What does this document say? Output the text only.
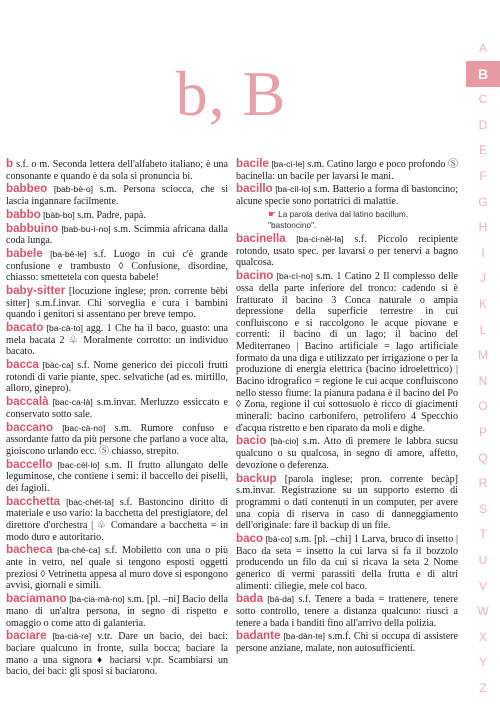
b, B
b s.f. o m. Seconda lettera dell'alfabeto italiano; è una consonante e quando è da sola si pronuncia bi.
babbeo [bab-bè-o] s.m. Persona sciocca, che si lascia ingannare facilmente.
babbo [bàb-bo] s.m. Padre, papà.
babbuino [bab-bu-ì-no] s.m. Scimmia africana dalla coda lunga.
babele [ba-bè-le] s.f. Luogo in cui c'è grande confusione e trambusto ◊ Confusione, disordine, chiasso: smettetela con questa babele!
baby-sitter [locuzione inglese; pron. corrente bèbi sitter] s.m.f.invar. Chi sorveglia e cura i bambini quando i genitori si assentano per breve tempo.
bacato [ba-cà-to] agg. 1 Che ha il baco, guasto: una mela bacata 2 ♧ Moralmente corrotto: un individuo bacato.
bacca [bàc-ca] s.f. Nome generico dei piccoli frutti rotondi di varie piante, spec. selvatiche (ad es. mirtillo, alloro, ginepro).
baccalà [bac-ca-là] s.m.invar. Merluzzo essiccato e conservato sotto sale.
baccano [bac-cà-no] s.m. Rumore confuso e assordante fatto da più persone che parlano a voce alta, gioiscono urlando ecc. Ⓢ chiasso, strepito.
baccello [bac-cèl-lo] s.m. Il frutto allungato delle leguminose, che contiene i semi: il baccello dei piselli, dei fagioli.
bacchetta [bac-chét-ta] s.f. Bastoncino diritto di materiale e uso vario: la bacchetta del prestigiatore, del direttore d'orchestra | ♧ Comandare a bacchetta = in modo duro e autoritario.
bacheca [ba-chè-ca] s.f. Mobiletto con una o più ante in vetro, nel quale si tengono esposti oggetti preziosi ◊ Vetrinetta appesa al muro dove si espongono avvisi, giornali e simili.
baciamano [ba-cia-mà-no] s.m. [pl. –ni] Bacio della mano di un'altra persona, in segno di rispetto e omaggio o come atto di galanteria.
baciare [ba-cià-re] v.tr. Dare un bacio, dei baci: baciare qualcuno in fronte, sulla bocca; baciare la mano a una signora ♦ baciarsi v.pr. Scambiarsi un bacio, dei baci: gli sposi si baciarono.
bacile [ba-cì-le] s.m. Catino largo e poco profondo Ⓢ bacinella: un bacile per lavarsi le mani.
bacillo [ba-cìl-lo] s.m. Batterio a forma di bastoncino; alcune specie sono portatrici di malattie.
☛ La parola deriva dal latino bacillum, "bastoncino".
bacinella [ba-ci-nèl-la] s.f. Piccolo recipiente rotondo, usato spec. per lavarsi o per tenervi a bagno qualcosa.
bacino [ba-cì-no] s.m. 1 Catino 2 Il complesso delle ossa della parte inferiore del tronco: cadendo si è fratturato il bacino 3 Conca naturale o ampia depressione della superficie terrestre in cui confluiscono e si raccolgono le acque piovane e correnti: il bacino di un lago; il bacino del Mediterraneo | Bacino artificiale = lago artificiale formato da una diga e utilizzato per irrigazione o per la produzione di energia elettrica (bacino idroelettrico) | Bacino idrografico = regione le cui acque confluiscono nello stesso fiume: la pianura padana è il bacino del Po ◊ Zona, regione il cui sottosuolo è ricco di giacimenti minerali: bacino carbonifero, petrolifero 4 Specchio d'acqua ristretto e ben riparato da moli e dighe.
bacio [bà-cio] s.m. Atto di premere le labbra sucsu qualcuno o su qualcosa, in segno di amore, affetto, devozione o deferenza.
backup [parola inglese; pron. corrente becàp] s.m.invar. Registrazione su un supporto esterno di programmi o dati contenuti in un computer, per avere una copia di riserva in caso di danneggiamento dell'originale: fare il backup di un file.
baco [bà-co] s.m. [pl. –chi] 1 Larva, bruco di insetto | Baco da seta = insetto la cui larva si fa il bozzolo producendo un filo da cui si ricava la seta 2 Nome generico di vermi parassiti della frutta e di altri alimenti: ciliegie, mele col baco.
bada [bà-da] s.f. Tenere a bada = trattenere, tenere sotto controllo, tenere a distanza qualcuno: riuscì a tenere a bada i banditi fino all'arrivo della polizia.
badante [ba-dàn-te] s.m.f. Chi si occupa di assistere persone anziane, malate, non autosufficienti.
A
B
C
D
E
F
G
H
I
J
K
L
M
N
O
P
Q
R
S
T
U
V
W
X
Y
Z
